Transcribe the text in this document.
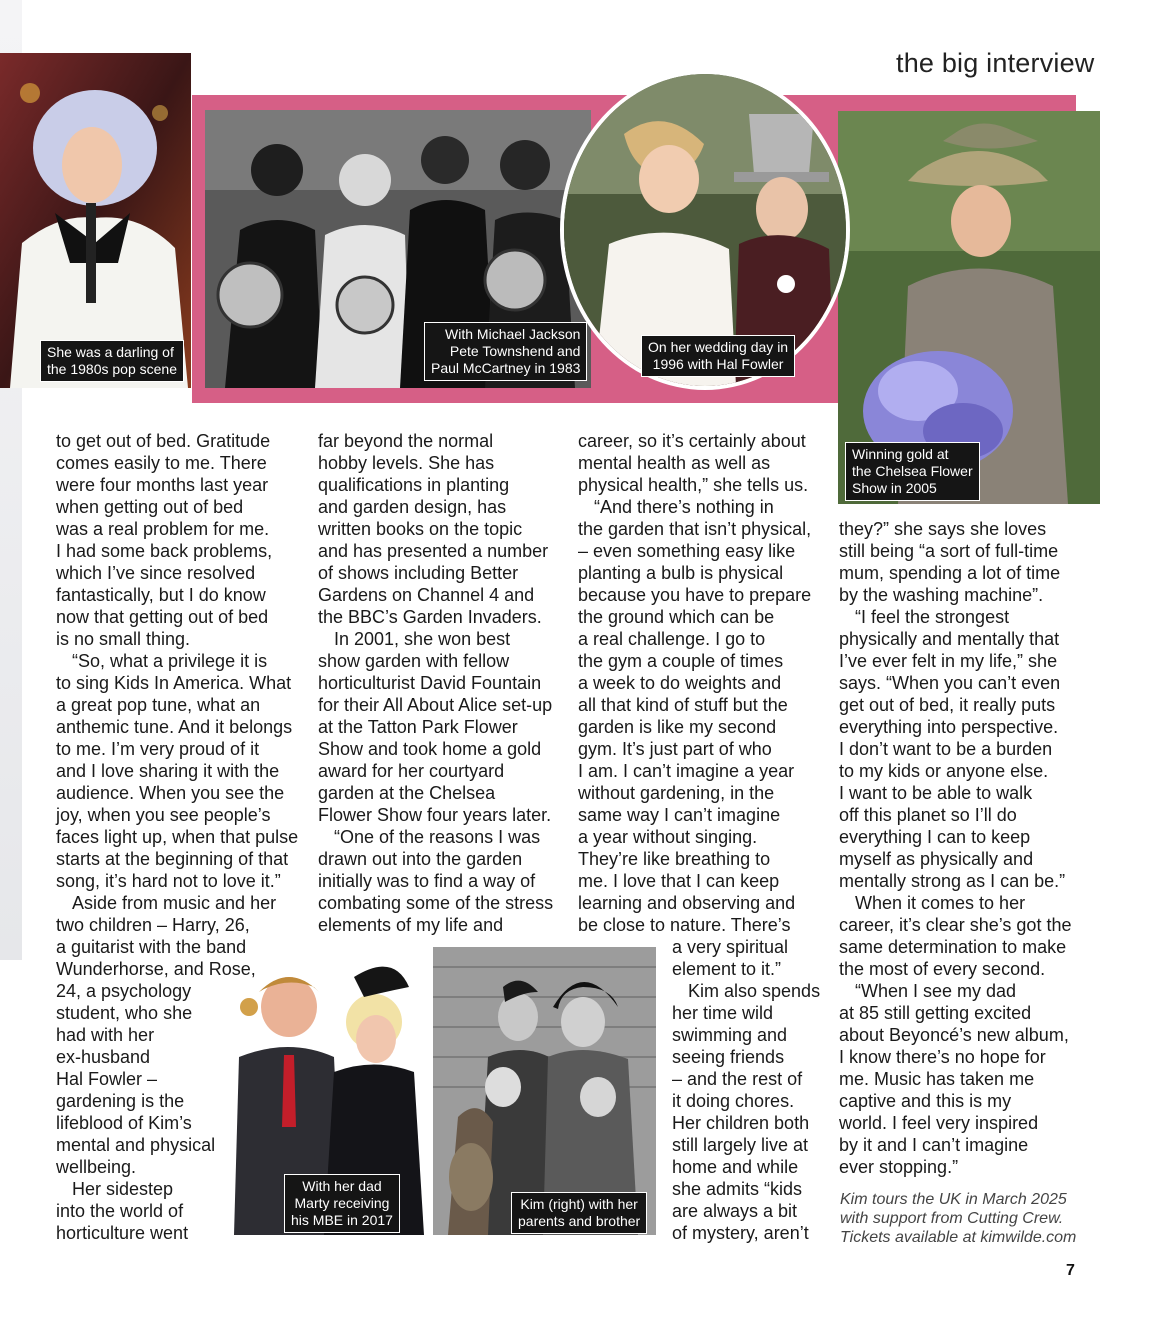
the big interview
She was a darling of
the 1980s pop scene
With Michael Jackson
Pete Townshend and
Paul McCartney in 1983
On her wedding day in
1996 with Hal Fowler
Winning gold at
the Chelsea Flower
Show in 2005
With her dad
Marty receiving
his MBE in 2017
Kim (right) with her
parents and brother

to get out of bed. Gratitude
comes easily to me. There
were four months last year
when getting out of bed
was a real problem for me.
I had some back problems,
which I’ve since resolved
fantastically, but I do know
now that getting out of bed
is no small thing.

“So, what a privilege it is
to sing Kids In America. What
a great pop tune, what an
anthemic tune. And it belongs
to me. I’m very proud of it
and I love sharing it with the
audience. When you see the
joy, when you see people’s
faces light up, when that pulse
starts at the beginning of that
song, it’s hard not to love it.”

Aside from music and her
two children – Harry, 26,
a guitarist with the band
Wunderhorse, and Rose,
24, a psychology
student, who she
had with her
ex-husband
Hal Fowler –
gardening is the
lifeblood of Kim’s
mental and physical
wellbeing.

Her sidestep
into the world of
horticulture went

far beyond the normal
hobby levels. She has
qualifications in planting
and garden design, has
written books on the topic
and has presented a number
of shows including Better
Gardens on Channel 4 and
the BBC’s Garden Invaders.

In 2001, she won best
show garden with fellow
horticulturist David Fountain
for their All About Alice set-up
at the Tatton Park Flower
Show and took home a gold
award for her courtyard
garden at the Chelsea
Flower Show four years later.

“One of the reasons I was
drawn out into the garden
initially was to find a way of
combating some of the stress
elements of my life and

career, so it’s certainly about
mental health as well as
physical health,” she tells us.

“And there’s nothing in
the garden that isn’t physical,
– even something easy like
planting a bulb is physical
because you have to prepare
the ground which can be
a real challenge. I go to
the gym a couple of times
a week to do weights and
all that kind of stuff but the
garden is like my second
gym. It’s just part of who
I am. I can’t imagine a year
without gardening, in the
same way I can’t imagine
a year without singing.
They’re like breathing to
me. I love that I can keep
learning and observing and
be close to nature. There’s

a very spiritual
element to it.”

Kim also spends
her time wild
swimming and
seeing friends
– and the rest of
it doing chores.
Her children both
still largely live at
home and while
she admits “kids
are always a bit
of mystery, aren’t

they?” she says she loves
still being “a sort of full-time
mum, spending a lot of time
by the washing machine”.

“I feel the strongest
physically and mentally that
I’ve ever felt in my life,” she
says. “When you can’t even
get out of bed, it really puts
everything into perspective.
I don’t want to be a burden
to my kids or anyone else.
I want to be able to walk
off this planet so I’ll do
everything I can to keep
myself as physically and
mentally strong as I can be.”

When it comes to her
career, it’s clear she’s got the
same determination to make
the most of every second.

“When I see my dad
at 85 still getting excited
about Beyoncé’s new album,
I know there’s no hope for
me. Music has taken me
captive and this is my
world. I feel very inspired
by it and I can’t imagine
ever stopping.”

Kim tours the UK in March 2025
with support from Cutting Crew.
Tickets available at kimwilde.com
7
